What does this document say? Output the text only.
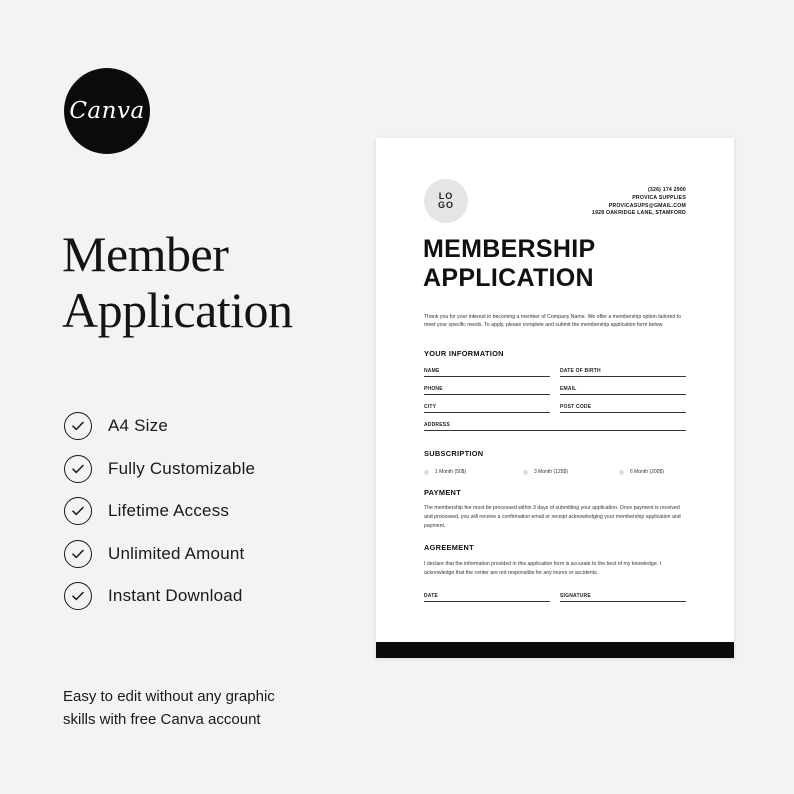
Canva
Member
Application
A4 Size
Fully Customizable
Lifetime Access
Unlimited Amount
Instant Download

Easy to edit without any graphic
skills with free Canva account

LO
GO
(326) 174 2900
PROVICA SUPPLIES
PROVICASUPS@GMAIL.COM
1928 OAKRIDGE LANE, STAMFORD
MEMBERSHIP
APPLICATION

Thank you for your interest in becoming a member of Company Name. We offer a membership option tailored to meet your specific needs. To apply, please complete and submit the membership application form below.

YOUR INFORMATION
NAME	DATE OF BIRTH
PHONE	EMAIL
CITY	POST CODE
ADDRESS
SUBSCRIPTION
1 Month (50$)	3 Month (125$)	6 Month (200$)
PAYMENT

The membership fee must be processed within 3 days of submitting your application. Once payment is received and processed, you will receive a confirmation email or receipt acknowledging your membership application and payment.

AGREEMENT

I declare that the information provided in this application form is accurate to the best of my knowledge. I acknowledge that the center are not responsible for any inures or accidents.

DATE	SIGNATURE
